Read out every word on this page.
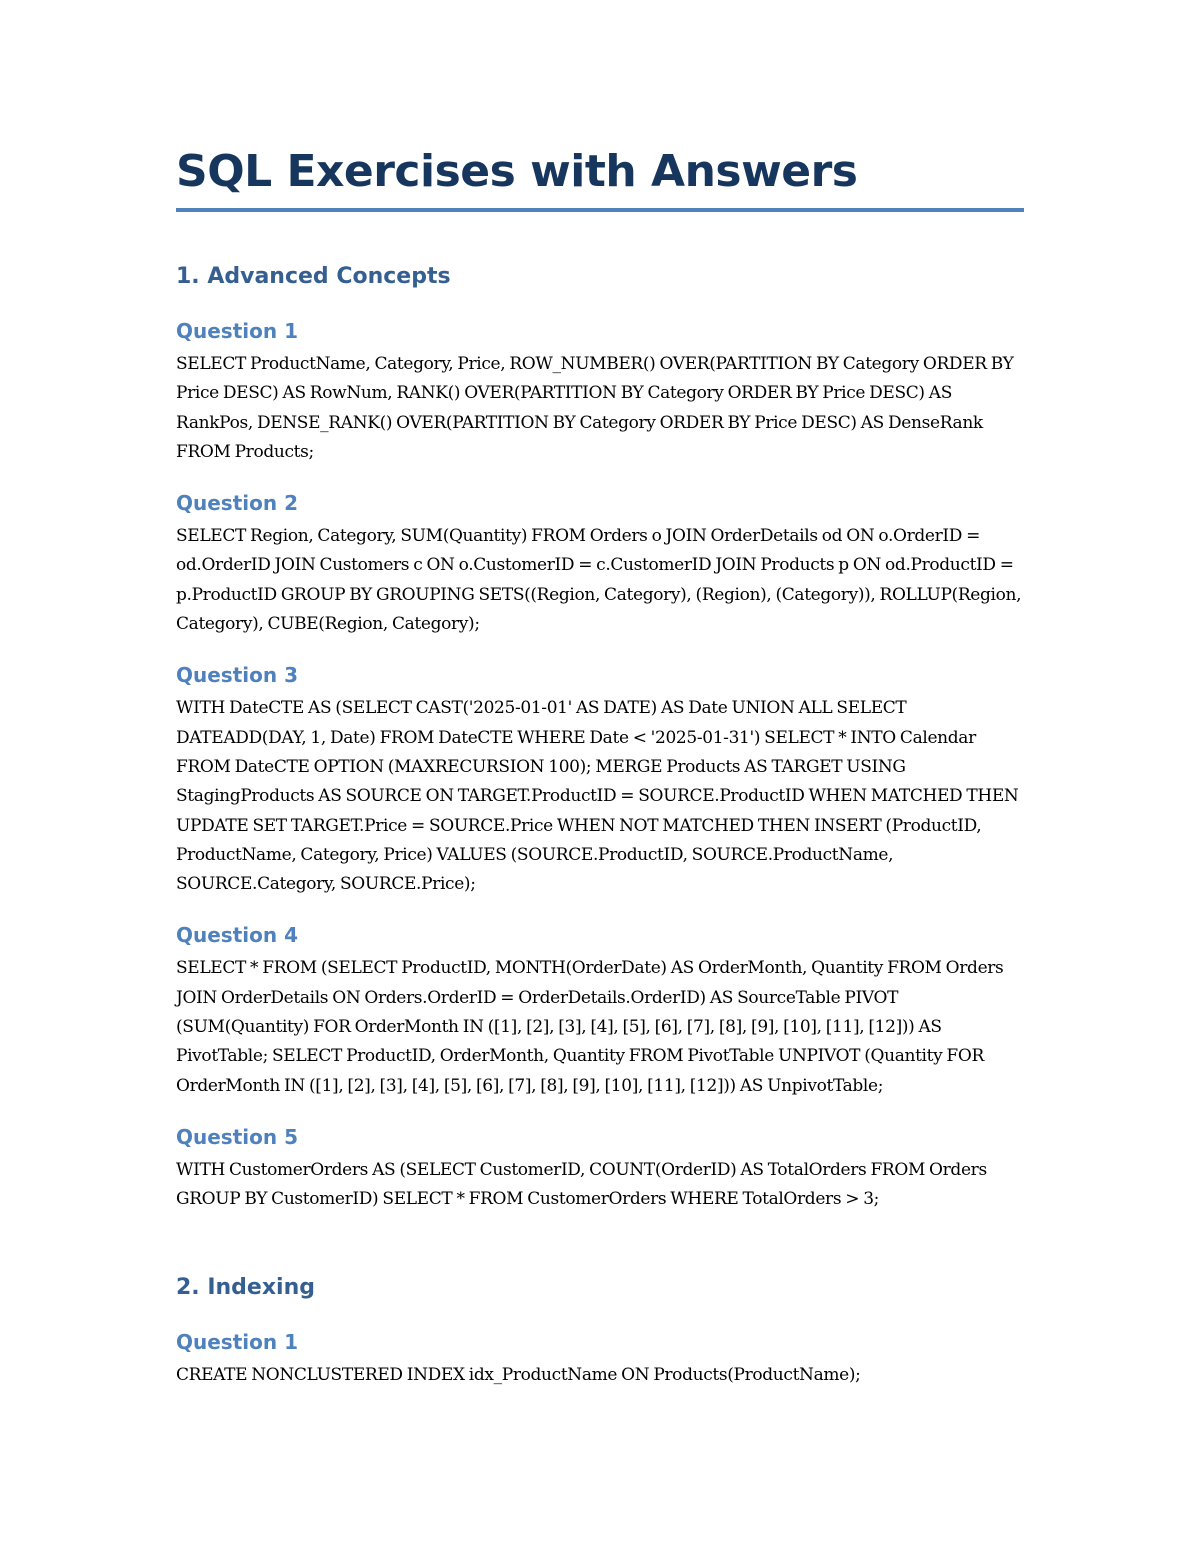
SQL Exercises with Answers
1. Advanced Concepts
Question 1

SELECT ProductName, Category, Price, ROW_NUMBER() OVER(PARTITION BY Category ORDER BY Price DESC) AS RowNum, RANK() OVER(PARTITION BY Category ORDER BY Price DESC) AS RankPos, DENSE_RANK() OVER(PARTITION BY Category ORDER BY Price DESC) AS DenseRank FROM Products;

Question 2

SELECT Region, Category, SUM(Quantity) FROM Orders o JOIN OrderDetails od ON o.OrderID = od.OrderID JOIN Customers c ON o.CustomerID = c.CustomerID JOIN Products p ON od.ProductID = p.ProductID GROUP BY GROUPING SETS((Region, Category), (Region), (Category)), ROLLUP(Region, Category), CUBE(Region, Category);

Question 3

WITH DateCTE AS (SELECT CAST('2025-01-01' AS DATE) AS Date UNION ALL SELECT DATEADD(DAY, 1, Date) FROM DateCTE WHERE Date < '2025-01-31') SELECT * INTO Calendar FROM DateCTE OPTION (MAXRECURSION 100); MERGE Products AS TARGET USING StagingProducts AS SOURCE ON TARGET.ProductID = SOURCE.ProductID WHEN MATCHED THEN UPDATE SET TARGET.Price = SOURCE.Price WHEN NOT MATCHED THEN INSERT (ProductID, ProductName, Category, Price) VALUES (SOURCE.ProductID, SOURCE.ProductName, SOURCE.Category, SOURCE.Price);

Question 4

SELECT * FROM (SELECT ProductID, MONTH(OrderDate) AS OrderMonth, Quantity FROM Orders JOIN OrderDetails ON Orders.OrderID = OrderDetails.OrderID) AS SourceTable PIVOT (SUM(Quantity) FOR OrderMonth IN ([1], [2], [3], [4], [5], [6], [7], [8], [9], [10], [11], [12])) AS PivotTable; SELECT ProductID, OrderMonth, Quantity FROM PivotTable UNPIVOT (Quantity FOR OrderMonth IN ([1], [2], [3], [4], [5], [6], [7], [8], [9], [10], [11], [12])) AS UnpivotTable;

Question 5

WITH CustomerOrders AS (SELECT CustomerID, COUNT(OrderID) AS TotalOrders FROM Orders GROUP BY CustomerID) SELECT * FROM CustomerOrders WHERE TotalOrders > 3;

2. Indexing
Question 1

CREATE NONCLUSTERED INDEX idx_ProductName ON Products(ProductName);
